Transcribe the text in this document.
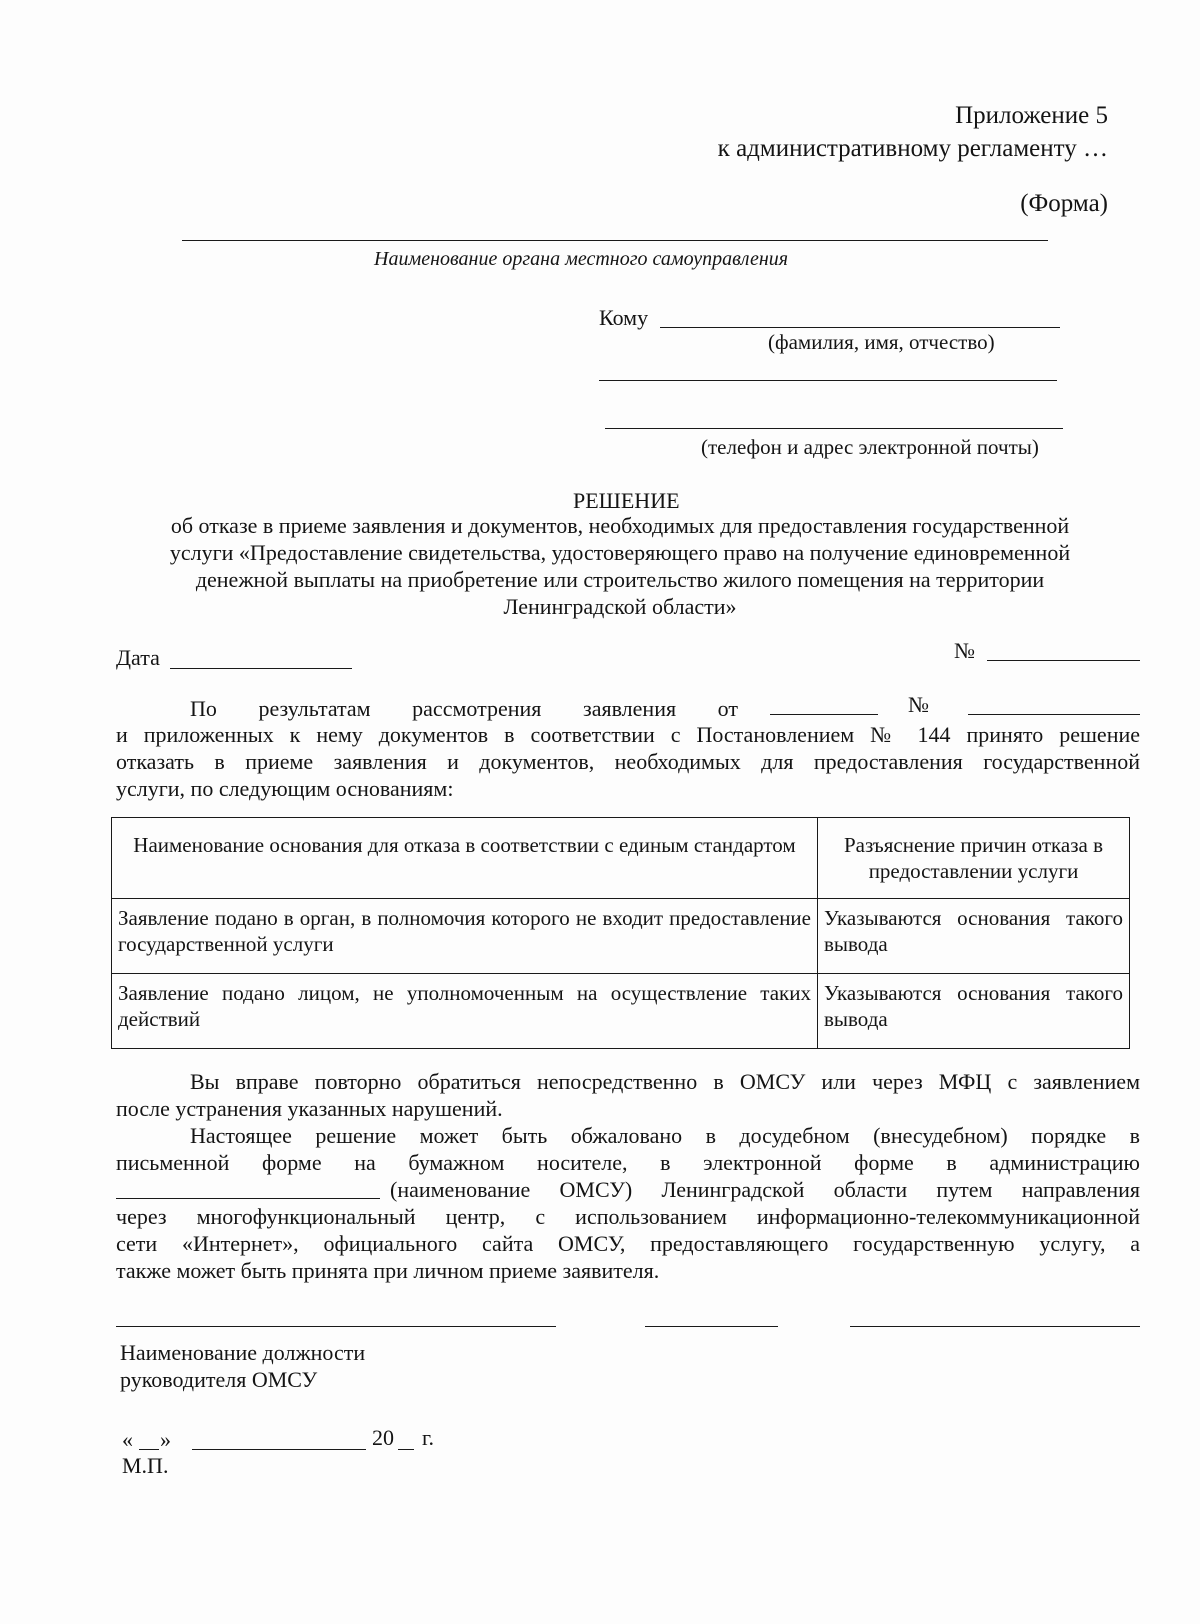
Приложение 5
к административному регламенту …
(Форма)
Наименование органа местного самоуправления
Кому
(фамилия, имя, отчество)
(телефон и адрес электронной почты)
РЕШЕНИЕ
об отказе в приеме заявления и документов, необходимых для предоставления государственной
услуги «Предоставление свидетельства, удостоверяющего право на получение единовременной
денежной выплаты на приобретение или строительство жилого помещения на территории
Ленинградской области»
Дата	№
По результатам рассмотрения заявления от	№
и приложенных к нему документов в соответствии с Постановлением № 144 принято решение
отказать в приеме заявления и документов, необходимых для предоставления государственной
услуги, по следующим основаниям:
Наименование основания для отказа в соответствии с единым стандартом	Разъяснение причин отказа в предоставлении услуги
Заявление подано в орган, в полномочия которого не входит предоставление государственной услуги	Указываются основания такого вывода
Заявление подано лицом, не уполномоченным на осуществление таких действий	Указываются основания такого вывода
Вы вправе повторно обратиться непосредственно в ОМСУ или через МФЦ с заявлением
после устранения указанных нарушений.
Настоящее решение может быть обжаловано в досудебном (внесудебном) порядке в
письменной форме на бумажном носителе, в электронной форме в администрацию
(наименование ОМСУ) Ленинградской области путем направления
через многофункциональный центр, с использованием информационно-телекоммуникационной
сети «Интернет», официального сайта ОМСУ, предоставляющего государственную услугу, а
также может быть принята при личном приеме заявителя.
Наименование должности
руководителя ОМСУ
« »	20 г.
М.П.
